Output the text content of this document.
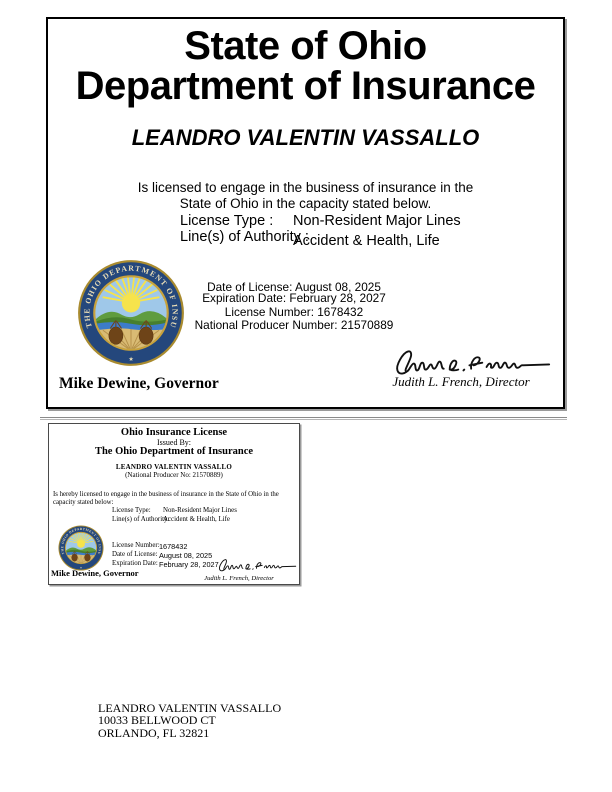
State of Ohio
Department of Insurance
LEANDRO VALENTIN VASSALLO
Is licensed to engage in the business of insurance in the
State of Ohio in the capacity stated below.
License Type : Non-Resident Major Lines
Line(s) of Authority :
Accident & Health, Life
Date of License: August 08, 2025
Expiration Date: February 28, 2027
License Number: 1678432
National Producer Number: 21570889
Judith L. French, Director
Mike Dewine, Governor
Ohio Insurance License
Issued By:
The Ohio Department of Insurance
LEANDRO VALENTIN VASSALLO
(National Producer No: 21570889)
Is hereby licensed to engage in the business of insurance in the State of Ohio in the capacity stated below:
License Type: Non-Resident Major Lines
Line(s) of Authority:
Accident & Health, Life
License Number: 1678432
Date of License: August 08, 2025
Expiration Date: February 28, 2027
Mike Dewine, Governor
Judith L. French, Director
LEANDRO VALENTIN VASSALLO
10033 BELLWOOD CT
ORLANDO, FL 32821
